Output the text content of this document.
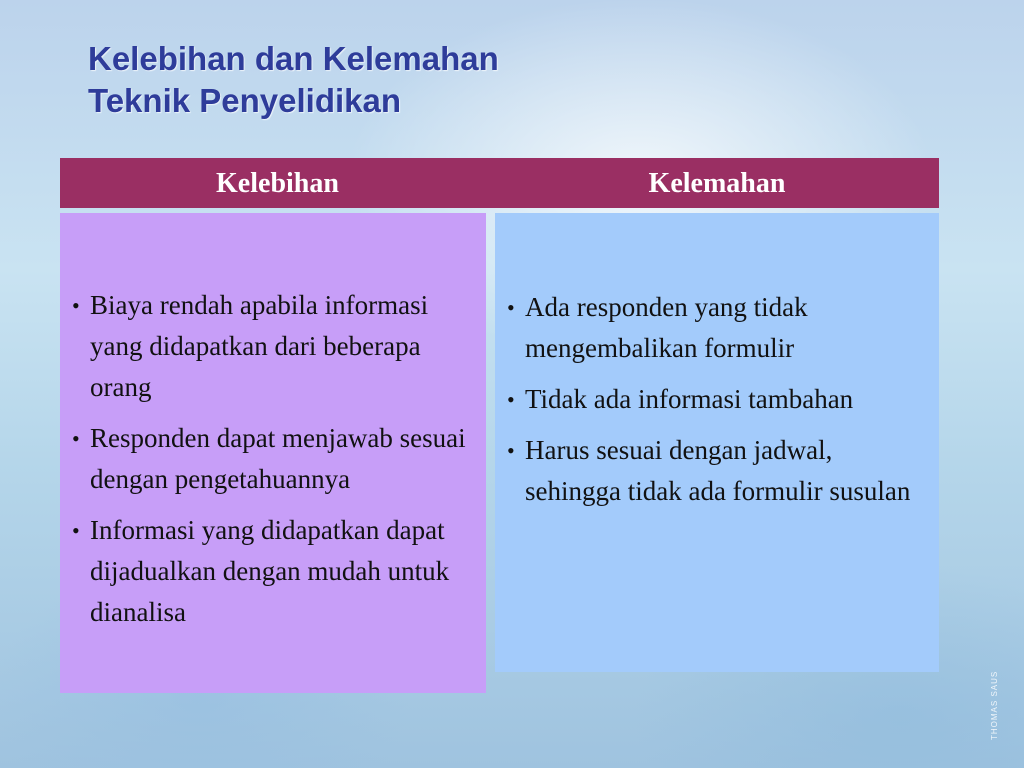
Kelebihan dan Kelemahan
Teknik Penyelidikan
Kelebihan	Kelemahan
• Biaya rendah apabila informasi yang didapatkan dari beberapa orang
• Responden dapat menjawab sesuai dengan pengetahuannya
• Informasi yang didapatkan dapat dijadualkan dengan mudah untuk dianalisa
• Ada responden yang tidak mengembalikan formulir
• Tidak ada informasi tambahan
• Harus sesuai dengan jadwal, sehingga tidak ada formulir susulan
THOMAS SAUS
